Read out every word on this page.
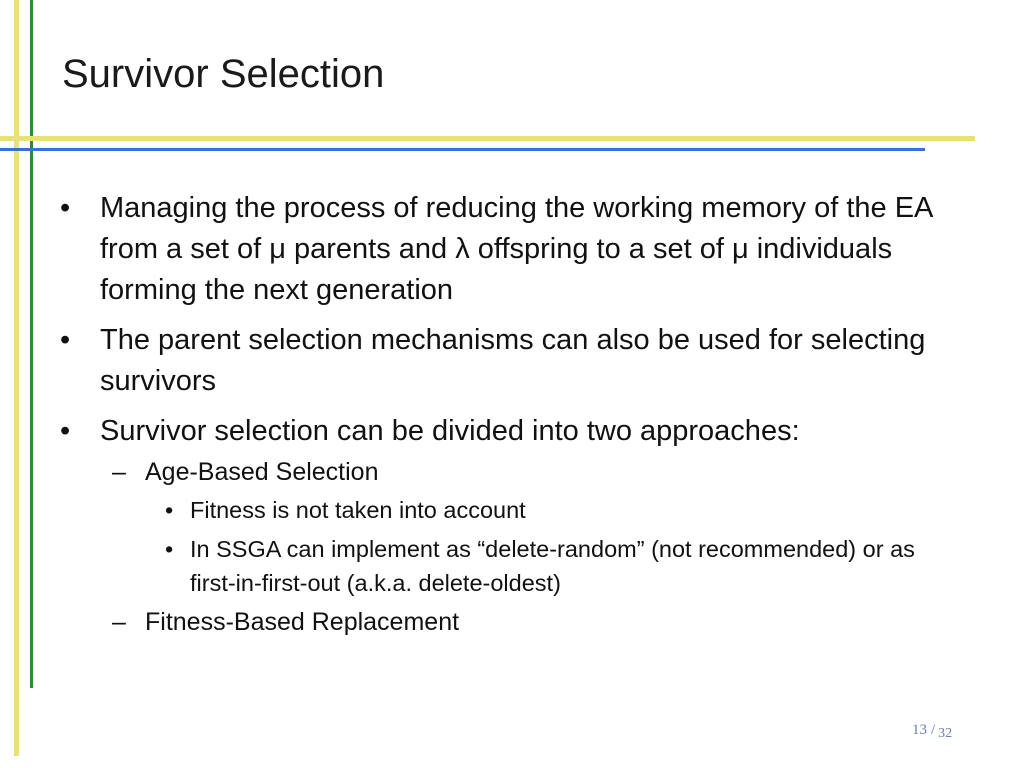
Survivor Selection
• Managing the process of reducing the working memory of the EA from a set of μ parents and λ offspring to a set of μ individuals forming the next generation
• The parent selection mechanisms can also be used for selecting survivors
• Survivor selection can be divided into two approaches:
– Age-Based Selection
• Fitness is not taken into account
• In SSGA can implement as “delete-random” (not recommended) or as first-in-first-out (a.k.a. delete-oldest)
– Fitness-Based Replacement
13 / 32
